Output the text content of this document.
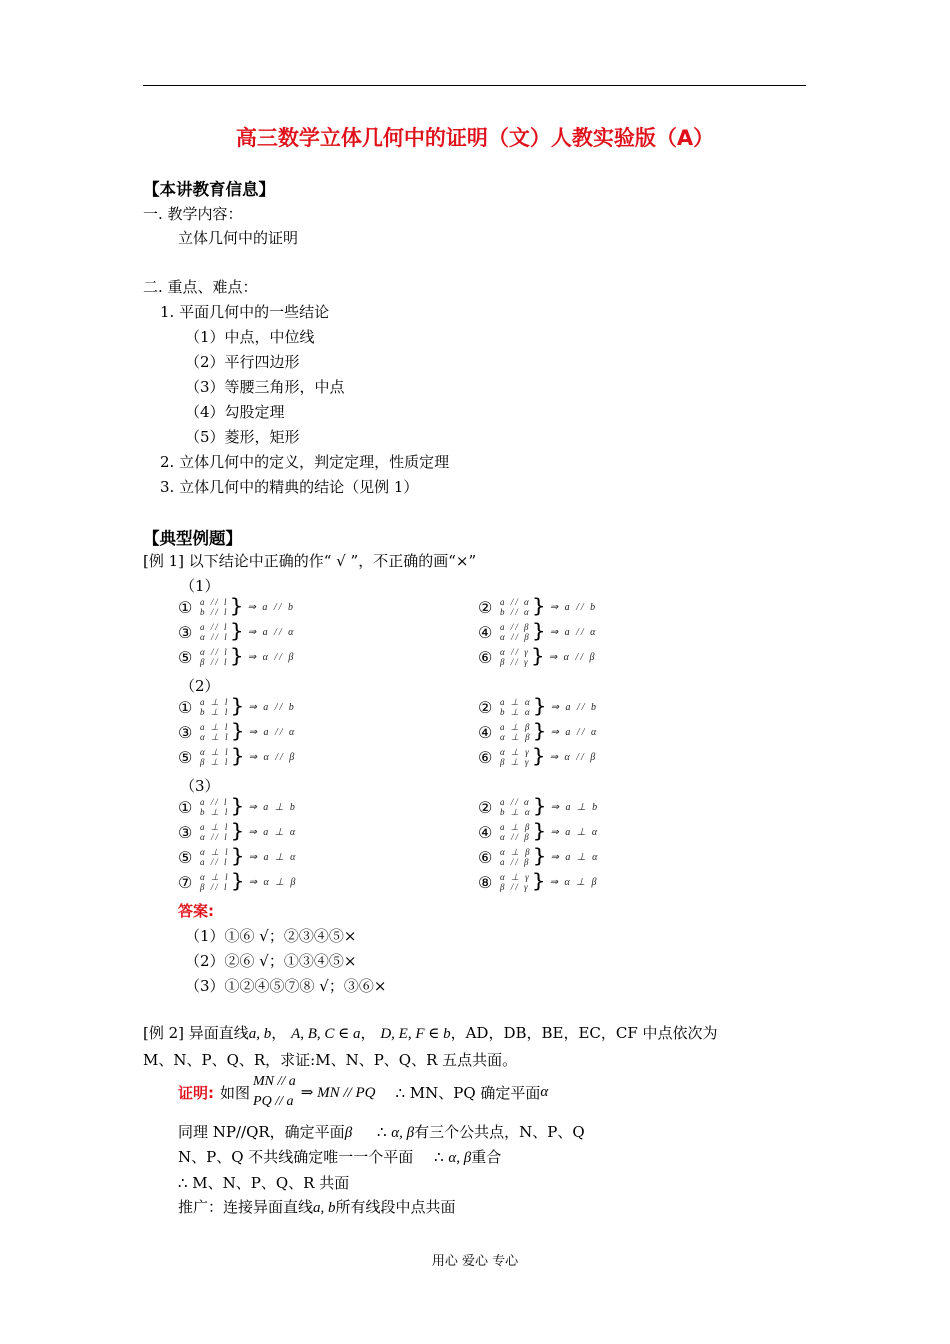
高三数学立体几何中的证明（文）人教实验版（A）
【本讲教育信息】
一. 教学内容：
立体几何中的证明
二. 重点、难点：
1. 平面几何中的一些结论
（1）中点，中位线
（2）平行四边形
（3）等腰三角形，中点
（4）勾股定理
（5）菱形，矩形
2. 立体几何中的定义，判定定理，性质定理
3. 立体几何中的精典的结论（见例 1）
【典型例题】
[例 1] 以下结论中正确的作“ √ ”，不正确的画“×”
（1）
① a // l
b // l } ⇒ a // b	② a // α
b // α } ⇒ a // b
③ a // l
α // l } ⇒ a // α	④ a // β
α // β } ⇒ a // α
⑤ α // l
β // l } ⇒ α // β	⑥ α // γ
β // γ } ⇒ α // β
（2）
① a ⊥ l
b ⊥ l } ⇒ a // b	② a ⊥ α
b ⊥ α } ⇒ a // b
③ a ⊥ l
α ⊥ l } ⇒ a // α	④ a ⊥ β
α ⊥ β } ⇒ a // α
⑤ α ⊥ l
β ⊥ l } ⇒ α // β	⑥ α ⊥ γ
β ⊥ γ } ⇒ α // β
（3）
① a // l
b ⊥ l } ⇒ a ⊥ b	② a // α
b ⊥ α } ⇒ a ⊥ b
③ a ⊥ l
α // l } ⇒ a ⊥ α	④ a ⊥ β
α // β } ⇒ a ⊥ α
⑤ α ⊥ l
a // l } ⇒ a ⊥ α	⑥ α ⊥ β
a // β } ⇒ a ⊥ α
⑦ α ⊥ l
β // l } ⇒ α ⊥ β	⑧ α ⊥ γ
β // γ } ⇒ α ⊥ β
答案:
（1）①⑥ √；②③④⑤×
（2）②⑥ √；①③④⑤×
（3）①②④⑤⑦⑧ √；③⑥×
[例 2] 异面直线a, b， A, B, C ∈ a， D, E, F ∈ b，AD，DB，BE，EC，CF 中点依次为
M、N、P、Q、R，求证:M、N、P、Q、R 五点共面。
证明: 如图
MN // a
PQ // a
⇒ MN // PQ ∴ MN、PQ 确定平面 α
同理 NP//QR，确定平面β ∴ α, β有三个公共点，N、P、Q
N、P、Q 不共线确定唯一一个平面 ∴ α, β重合
∴ M、N、P、Q、R 共面
推广：连接异面直线a, b所有线段中点共面
用心 爱心 专心
